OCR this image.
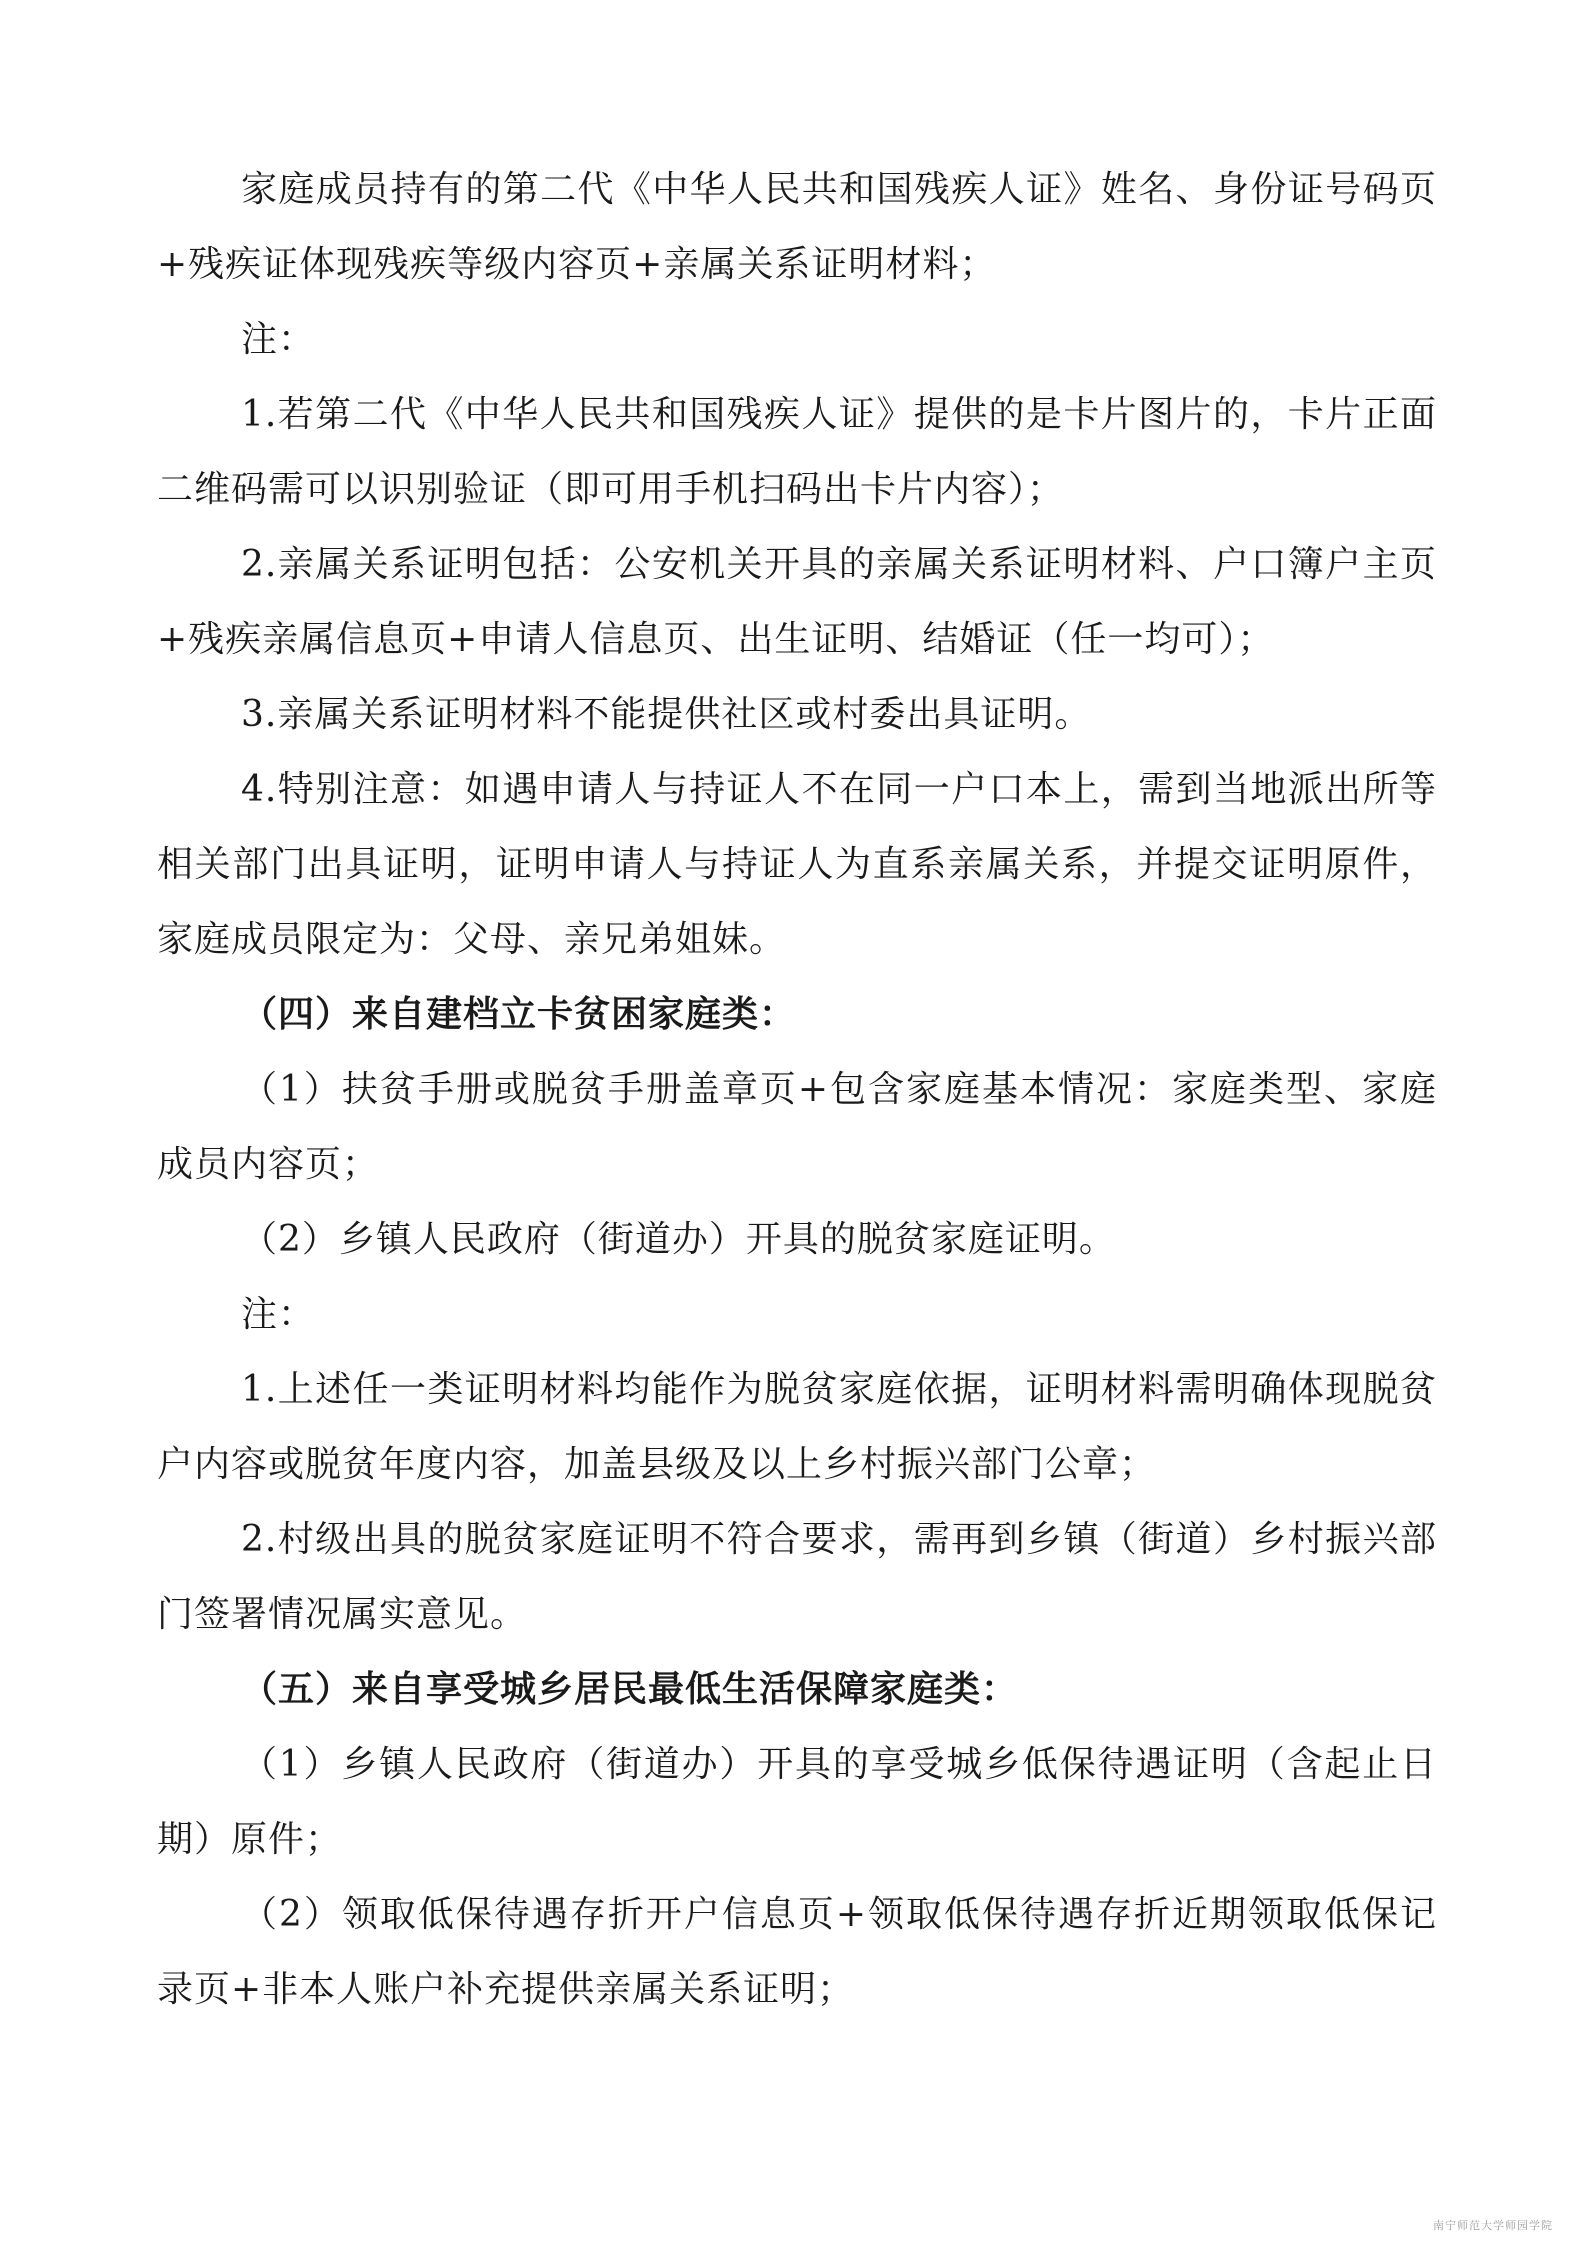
家庭成员持有的第二代《中华人民共和国残疾人证》姓名、身份证号码页+残疾证体现残疾等级内容页+亲属关系证明材料；

注：

1.若第二代《中华人民共和国残疾人证》提供的是卡片图片的，卡片正面二维码需可以识别验证（即可用手机扫码出卡片内容）；

2.亲属关系证明包括：公安机关开具的亲属关系证明材料、户口簿户主页+残疾亲属信息页+申请人信息页、出生证明、结婚证（任一均可）；

3.亲属关系证明材料不能提供社区或村委出具证明。

4.特别注意：如遇申请人与持证人不在同一户口本上，需到当地派出所等相关部门出具证明，证明申请人与持证人为直系亲属关系，并提交证明原件，家庭成员限定为：父母、亲兄弟姐妹。

（四）来自建档立卡贫困家庭类：

（1）扶贫手册或脱贫手册盖章页+包含家庭基本情况：家庭类型、家庭成员内容页；

（2）乡镇人民政府（街道办）开具的脱贫家庭证明。

注：

1.上述任一类证明材料均能作为脱贫家庭依据，证明材料需明确体现脱贫户内容或脱贫年度内容，加盖县级及以上乡村振兴部门公章；

2.村级出具的脱贫家庭证明不符合要求，需再到乡镇（街道）乡村振兴部门签署情况属实意见。

（五）来自享受城乡居民最低生活保障家庭类：

（1）乡镇人民政府（街道办）开具的享受城乡低保待遇证明（含起止日期）原件；

（2）领取低保待遇存折开户信息页+领取低保待遇存折近期领取低保记录页+非本人账户补充提供亲属关系证明；

南宁师范大学师园学院
